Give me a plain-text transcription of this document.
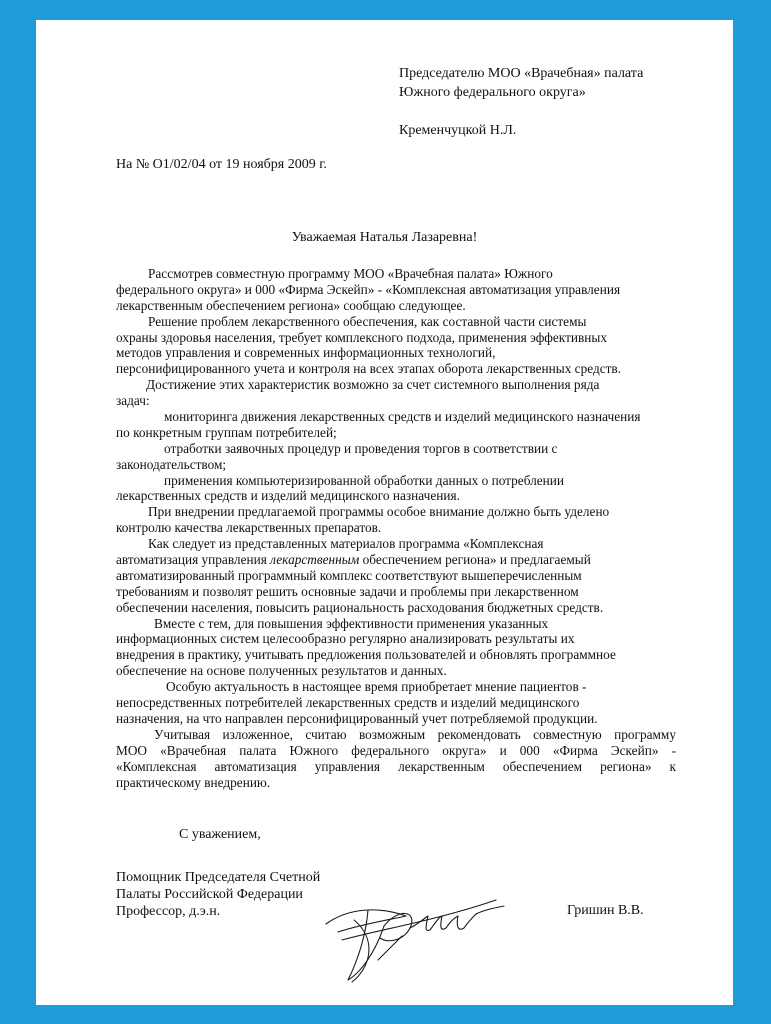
Председателю МОО «Врачебная» палата
Южного федерального округа»
Кременчуцкой Н.Л.
На № О1/02/04 от 19 ноября 2009 г.
Уважаемая Наталья Лазаревна!
Рассмотрев совместную программу МОО «Врачебная палата» Южного
федерального округа» и 000 «Фирма Эскейп» - «Комплексная автоматизация управления
лекарственным обеспечением региона» сообщаю следующее.
Решение проблем лекарственного обеспечения, как составной части системы
охраны здоровья населения, требует комплексного подхода, применения эффективных
методов управления и современных информационных технологий,
персонифицированного учета и контроля на всех этапах оборота лекарственных средств.
Достижение этих характеристик возможно за счет системного выполнения ряда
задач:
мониторинга движения лекарственных средств и изделий медицинского назначения
по конкретным группам потребителей;
отработки заявочных процедур и проведения торгов в соответствии с
законодательством;
применения компьютеризированной обработки данных о потреблении
лекарственных средств и изделий медицинского назначения.
При внедрении предлагаемой программы особое внимание должно быть уделено
контролю качества лекарственных препаратов.
Как следует из представленных материалов программа «Комплексная
автоматизация управления лекарственным обеспечением региона» и предлагаемый
автоматизированный программный комплекс соответствуют вышеперечисленным
требованиям и позволят решить основные задачи и проблемы при лекарственном
обеспечении населения, повысить рациональность расходования бюджетных средств.
Вместе с тем, для повышения эффективности применения указанных
информационных систем целесообразно регулярно анализировать результаты их
внедрения в практику, учитывать предложения пользователей и обновлять программное
обеспечение на основе полученных результатов и данных.
Особую актуальность в настоящее время приобретает мнение пациентов -
непосредственных потребителей лекарственных средств и изделий медицинского
назначения, на что направлен персонифицированный учет потребляемой продукции.
Учитывая изложенное, считаю возможным рекомендовать совместную программу
МОО «Врачебная палата Южного федерального округа» и 000 «Фирма Эскейп» -
«Комплексная автоматизация управления лекарственным обеспечением региона» к
практическому внедрению.
С уважением,
Помощник Председателя Счетной
Палаты Российской Федерации
Профессор, д.э.н.	Гришин В.В.
